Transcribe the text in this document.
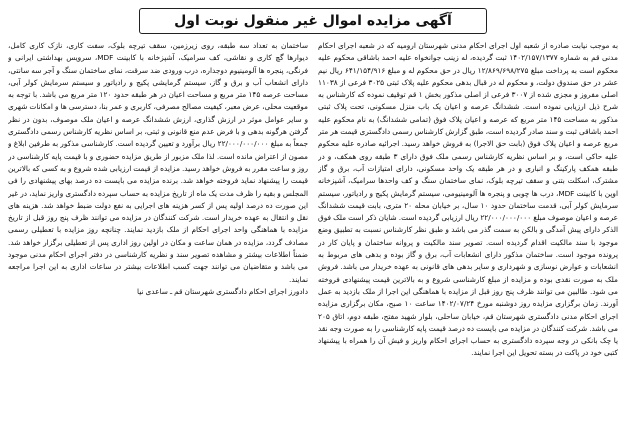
آگهی مزایده اموال غیر منقول نوبت اول

به موجب نیابت صادره از شعبه اول اجرای احکام مدنی شهرستان ارومیه که در شعبه اجرای احکام مدنی قم به شماره ۱۴۰۲/۱۵۷/۱۳۷۷ ثبت گردیده، له زینب جوانخواه علیه احمد باشاقی محکوم علیه محکوم است به پرداخت مبلغ ۱۲/۸۶۹/۶۹۸/۲۷۵ ریال در حق محکوم له و مبلغ ۶۴۱/۱۵۴/۹۱۶ ریال نیم عشر در حق صندوق دولت، و محکوم له در قبال بدهی محکوم علیه پلاک ثبتی ۳۰۲۵ فرعی از ۱۱۰۳۸ اصلی مفروز و مجزی شده از ۳۰۰۷ فرعی از اصلی مذکور بخش ۱ قم توقیف نموده که کارشناس به شرح ذیل ارزیابی نموده است. ششدانگ عرصه و اعیان یک باب منزل مسکونی، تحت پلاک ثبتی مذکور به مساحت ۱۴۵ متر مربع که عرصه و اعیان پلاک فوق (تمامی ششدانگ) به نام محکوم علیه احمد باشاقی ثبت و سند صادر گردیده است، طبق گزارش کارشناس رسمی دادگستری قیمت هر متر مربع عرصه و اعیان پلاک فوق (بابت حق الاجرا) به فروش خواهد رسید. اجرائیه صادره علیه محکوم علیه حاکی است، و بر اساس نظریه کارشناس رسمی ملک فوق دارای ۳ طبقه روی همکف، و در طبقه همکف پارکینگ و انباری و در هر طبقه یک واحد مسکونی، دارای امتیازات آب، برق و گاز مشترک، اسکلت بتنی و سقف تیرچه بلوک، نمای ساختمان سنگ و کف واحدها سرامیک، آشپزخانه اوپن با کابینت MDF، درب ها چوبی و پنجره ها آلومینیومی، سیستم گرمایش پکیج و رادیاتور، سیستم سرمایش کولر آبی، قدمت ساختمان حدود ۱۰ سال، بر خیابان محله ۲۰ متری، بابت قیمت ششدانگ عرصه و اعیان موصوف مبلغ ۲۲/۰۰۰/۰۰۰/۰۰۰ ریال ارزیابی گردیده است. شایان ذکر است ملک فوق الذکر دارای پیش آمدگی و بالکن به سمت گذر می باشد و طبق نظر کارشناس نسبت به تطبیق وضع موجود با سند مالکیت اقدام گردیده است. تصویر سند مالکیت و پروانه ساختمان و پایان کار در پرونده موجود است. ساختمان مذکور دارای انشعابات آب، برق و گاز بوده و بدهی های مربوط به انشعابات و عوارض نوسازی و شهرداری و سایر بدهی های قانونی به عهده خریدار می باشد. فروش ملک به صورت نقدی بوده و مزایده از مبلغ کارشناسی شروع و به بالاترین قیمت پیشنهادی فروخته می شود. طالبین می توانند ظرف پنج روز قبل از مزایده با هماهنگی این اجرا از ملک بازدید به عمل آورند. زمان برگزاری مزایده روز دوشنبه مورخ ۱۴۰۲/۰۷/۲۴ ساعت ۱۰ صبح، مکان برگزاری مزایده اجرای احکام مدنی دادگستری شهرستان قم، خیابان ساحلی، بلوار شهید مفتح، طبقه دوم، اتاق ۲۰۵ می باشد. شرکت کنندگان در مزایده می بایست ده درصد قیمت پایه کارشناسی را به صورت وجه نقد یا چک بانکی در وجه سپرده دادگستری به حساب اجرای احکام واریز و فیش آن را همراه با پیشنهاد کتبی خود در پاکت در بسته تحویل این اجرا نمایند.

ساختمان به تعداد سه طبقه، روی زیرزمین، سقف تیرچه بلوک، سفت کاری، نازک کاری کامل، دیوارها گچ کاری و نقاشی، کف سرامیک، آشپزخانه با کابینت MDF، سرویس بهداشتی ایرانی و فرنگی، پنجره ها آلومینیوم دوجداره، درب ورودی ضد سرقت، نمای ساختمان سنگ و آجر سه سانتی، دارای انشعاب آب و برق و گاز، سیستم گرمایشی پکیج و رادیاتور و سیستم سرمایش کولر آبی، مساحت عرصه ۱۴۵ متر مربع و مساحت اعیان در هر طبقه حدود ۱۲۰ متر مربع می باشد. با توجه به موقعیت محلی، عرض معبر، کیفیت مصالح مصرفی، کاربری و عمر بنا، دسترسی ها و امکانات شهری و سایر عوامل موثر در ارزش گذاری، ارزش ششدانگ عرصه و اعیان ملک موصوف، بدون در نظر گرفتن هرگونه بدهی و با فرض عدم منع قانونی و ثبتی، بر اساس نظریه کارشناس رسمی دادگستری جمعاً به مبلغ ۲۲/۰۰۰/۰۰۰/۰۰۰ ریال برآورد و تعیین گردیده است. کارشناسی مذکور به طرفین ابلاغ و مصون از اعتراض مانده است. لذا ملک مزبور از طریق مزایده حضوری و با قیمت پایه کارشناسی در روز و ساعت مقرر به فروش خواهد رسید. مزایده از قیمت ارزیابی شده شروع و به کسی که بالاترین قیمت را پیشنهاد نماید فروخته خواهد شد. برنده مزایده می بایست ده درصد بهای پیشنهادی را فی المجلس و بقیه را ظرف مدت یک ماه از تاریخ مزایده به حساب سپرده دادگستری واریز نماید، در غیر این صورت ده درصد اولیه پس از کسر هزینه های اجرایی به نفع دولت ضبط خواهد شد. هزینه های نقل و انتقال به عهده خریدار است. شرکت کنندگان در مزایده می توانند ظرف پنج روز قبل از تاریخ مزایده با هماهنگی واحد اجرای احکام از ملک بازدید نمایند. چنانچه روز مزایده با تعطیلی رسمی مصادف گردد، مزایده در همان ساعت و مکان در اولین روز اداری پس از تعطیلی برگزار خواهد شد. ضمناً اطلاعات بیشتر و مشاهده تصویر سند و نظریه کارشناسی در دفتر اجرای احکام مدنی موجود می باشد و متقاضیان می توانند جهت کسب اطلاعات بیشتر در ساعات اداری به این اجرا مراجعه نمایند.

دادورز اجرای احکام دادگستری شهرستان قم ـ ساعدی نیا
